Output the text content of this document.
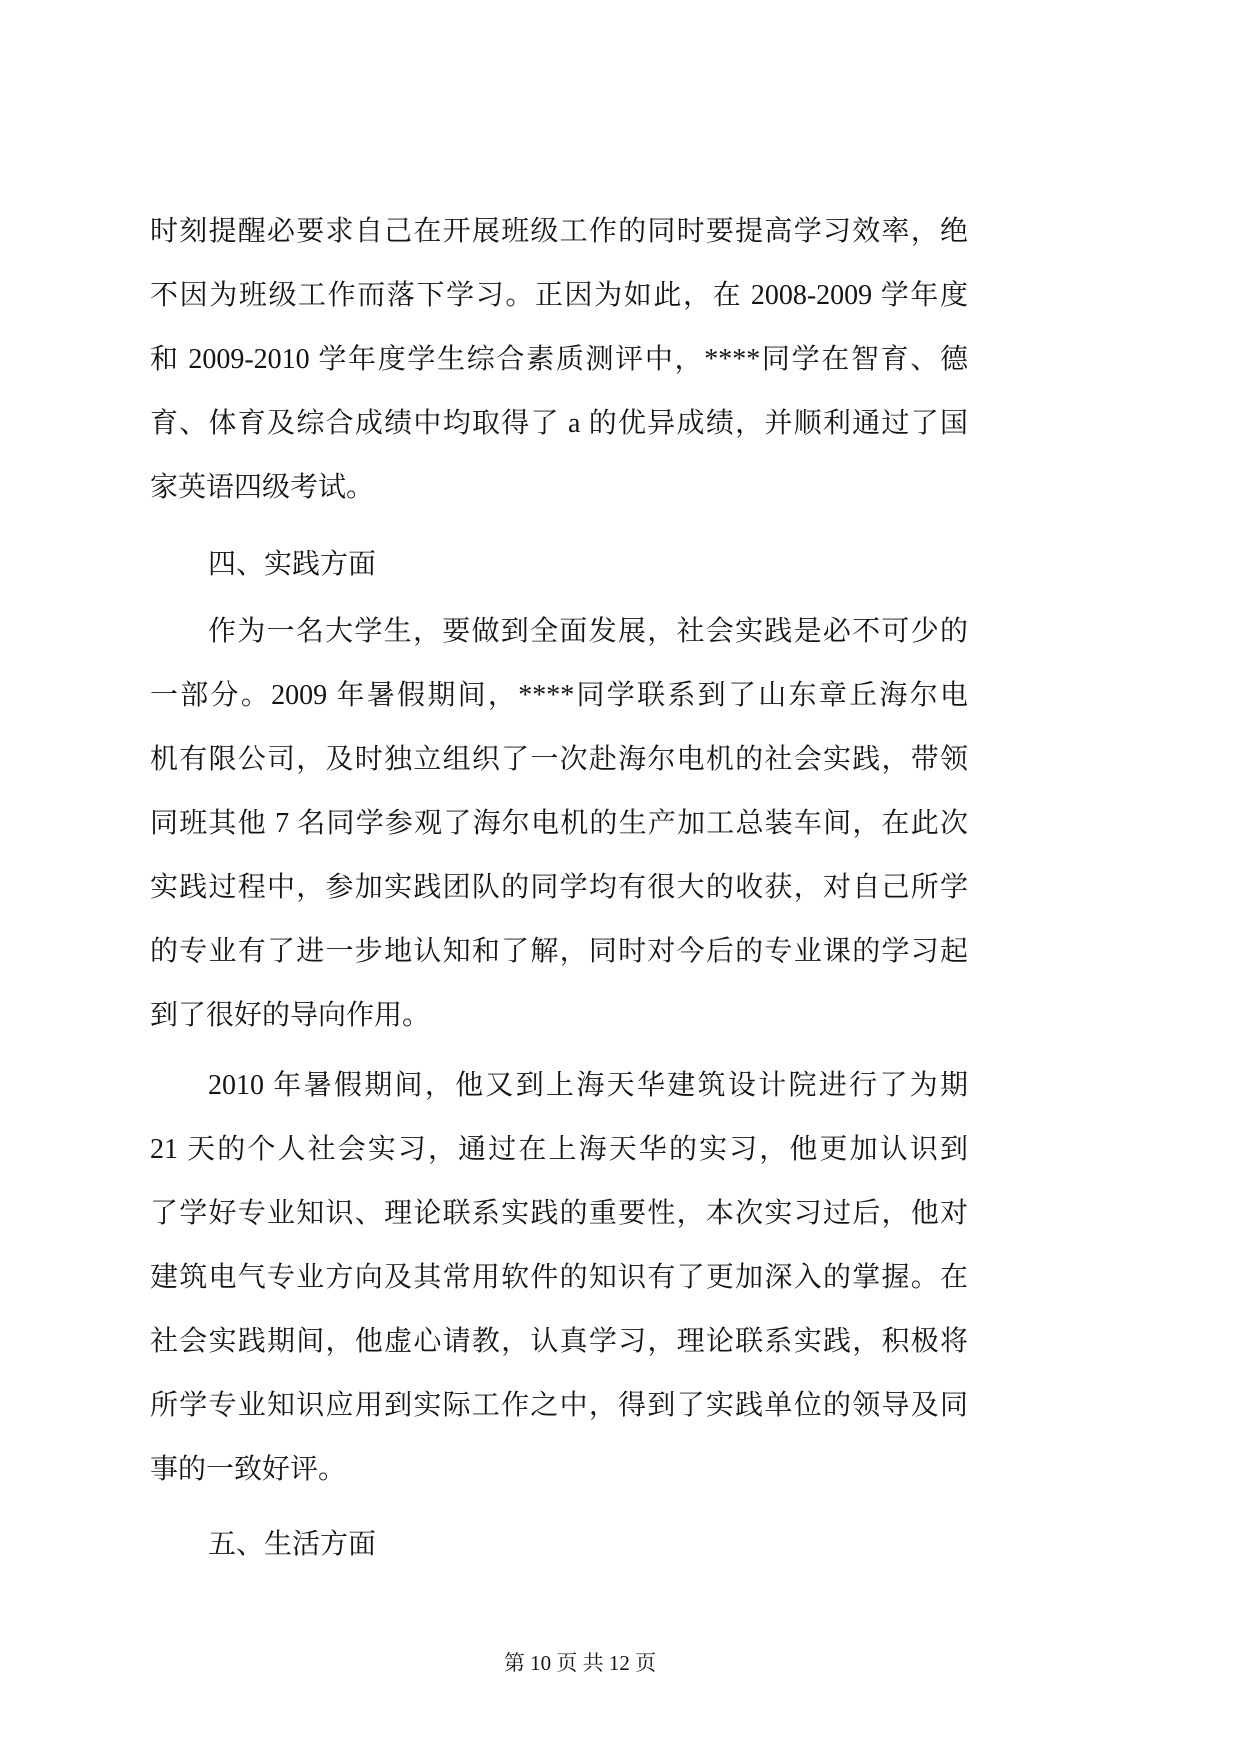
时刻提醒必要求自己在开展班级工作的同时要提高学习效率，绝
不因为班级工作而落下学习。正因为如此，在 2008-2009 学年度
和 2009-2010 学年度学生综合素质测评中，****同学在智育、德
育、体育及综合成绩中均取得了 a 的优异成绩，并顺利通过了国
家英语四级考试。
四、实践方面
作为一名大学生，要做到全面发展，社会实践是必不可少的
一部分。2009 年暑假期间，****同学联系到了山东章丘海尔电
机有限公司，及时独立组织了一次赴海尔电机的社会实践，带领
同班其他 7 名同学参观了海尔电机的生产加工总装车间，在此次
实践过程中，参加实践团队的同学均有很大的收获，对自己所学
的专业有了进一步地认知和了解，同时对今后的专业课的学习起
到了很好的导向作用。
2010 年暑假期间，他又到上海天华建筑设计院进行了为期
21 天的个人社会实习，通过在上海天华的实习，他更加认识到
了学好专业知识、理论联系实践的重要性，本次实习过后，他对
建筑电气专业方向及其常用软件的知识有了更加深入的掌握。在
社会实践期间，他虚心请教，认真学习，理论联系实践，积极将
所学专业知识应用到实际工作之中，得到了实践单位的领导及同
事的一致好评。
五、生活方面
第 10 页 共 12 页
